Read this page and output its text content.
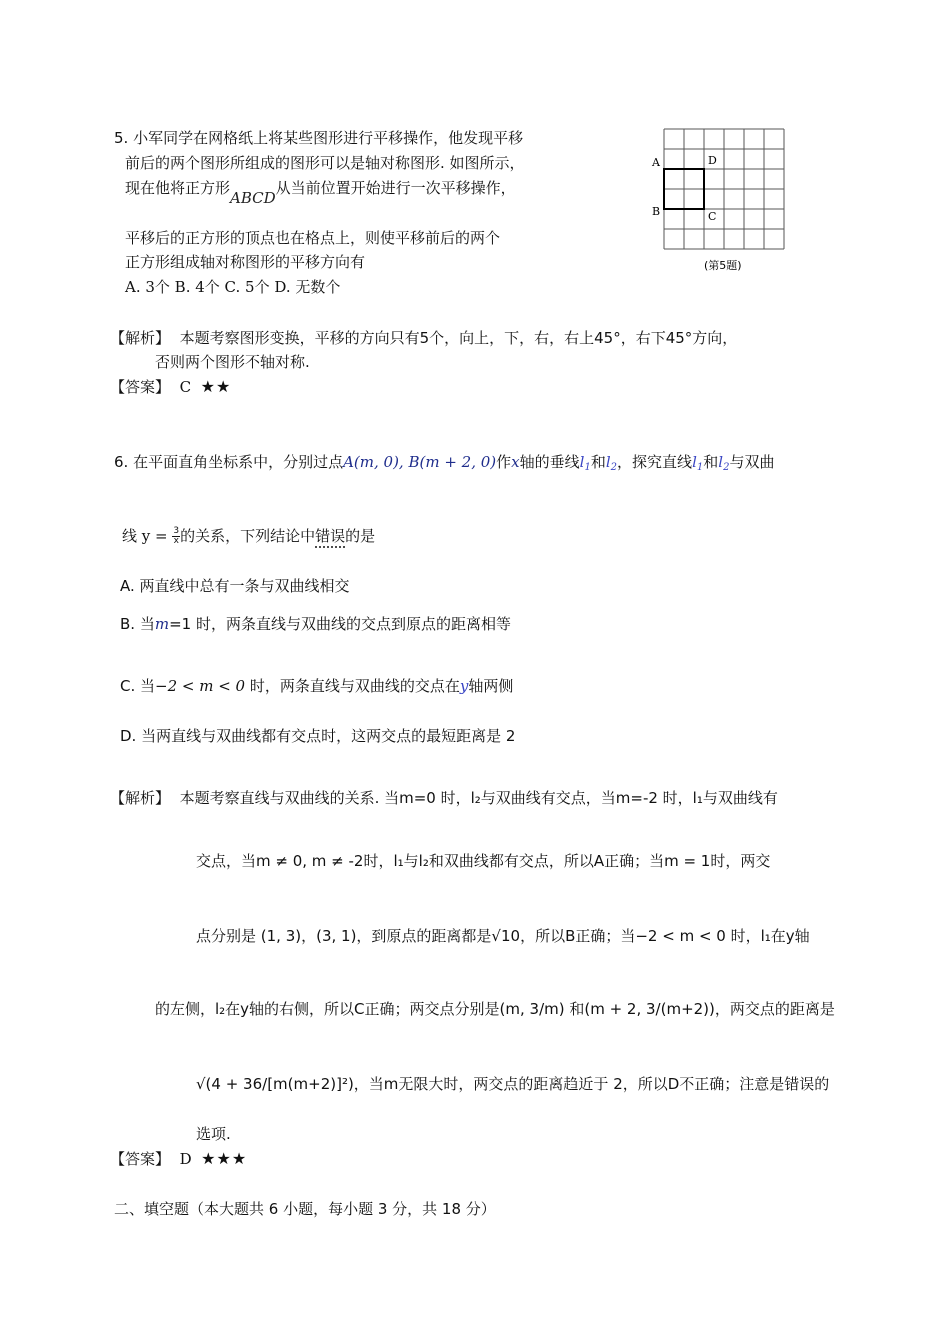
5. 小军同学在网格纸上将某些图形进行平移操作，他发现平移
前后的两个图形所组成的图形可以是轴对称图形. 如图所示，
现在他将正方形ABCD从当前位置开始进行一次平移操作，
平移后的正方形的顶点也在格点上，则使平移前后的两个
正方形组成轴对称图形的平移方向有
A. 3个 B. 4个 C. 5个 D. 无数个
A	D
B	C
(第5题)
【解析】 本题考察图形变换，平移的方向只有5个，向上，下，右，右上45°，右下45°方向，
否则两个图形不轴对称.
【答案】 C ★★
6. 在平面直角坐标系中，分别过点A(m, 0), B(m + 2, 0)作x轴的垂线$l_1$和$l_2$，探究直线$l_1$和$l_2$与双曲
线 $y = \frac{3}{x}$ 的关系，下列结论中错误的是
A. 两直线中总有一条与双曲线相交
B. 当m=1 时，两条直线与双曲线的交点到原点的距离相等
C. 当−2 < m < 0 时，两条直线与双曲线的交点在y轴两侧
D. 当两直线与双曲线都有交点时，这两交点的最短距离是 2
【解析】 本题考察直线与双曲线的关系. 当m=0 时，l₂与双曲线有交点，当m=-2 时，l₁与双曲线有
交点，当m ≠ 0, m ≠ -2时，l₁与l₂和双曲线都有交点，所以A正确；当m = 1时，两交
点分别是 (1, 3)，(3, 1)，到原点的距离都是√10，所以B正确；当−2 < m < 0 时，l₁在y轴
的左侧，l₂在y轴的右侧，所以C正确；两交点分别是(m, 3/m) 和(m + 2, 3/(m+2))，两交点的距离是
√(4 + 36/[m(m+2)]²)，当m无限大时，两交点的距离趋近于 2，所以D不正确；注意是错误的
选项.
【答案】 D ★★★
二、填空题（本大题共 6 小题，每小题 3 分，共 18 分）
